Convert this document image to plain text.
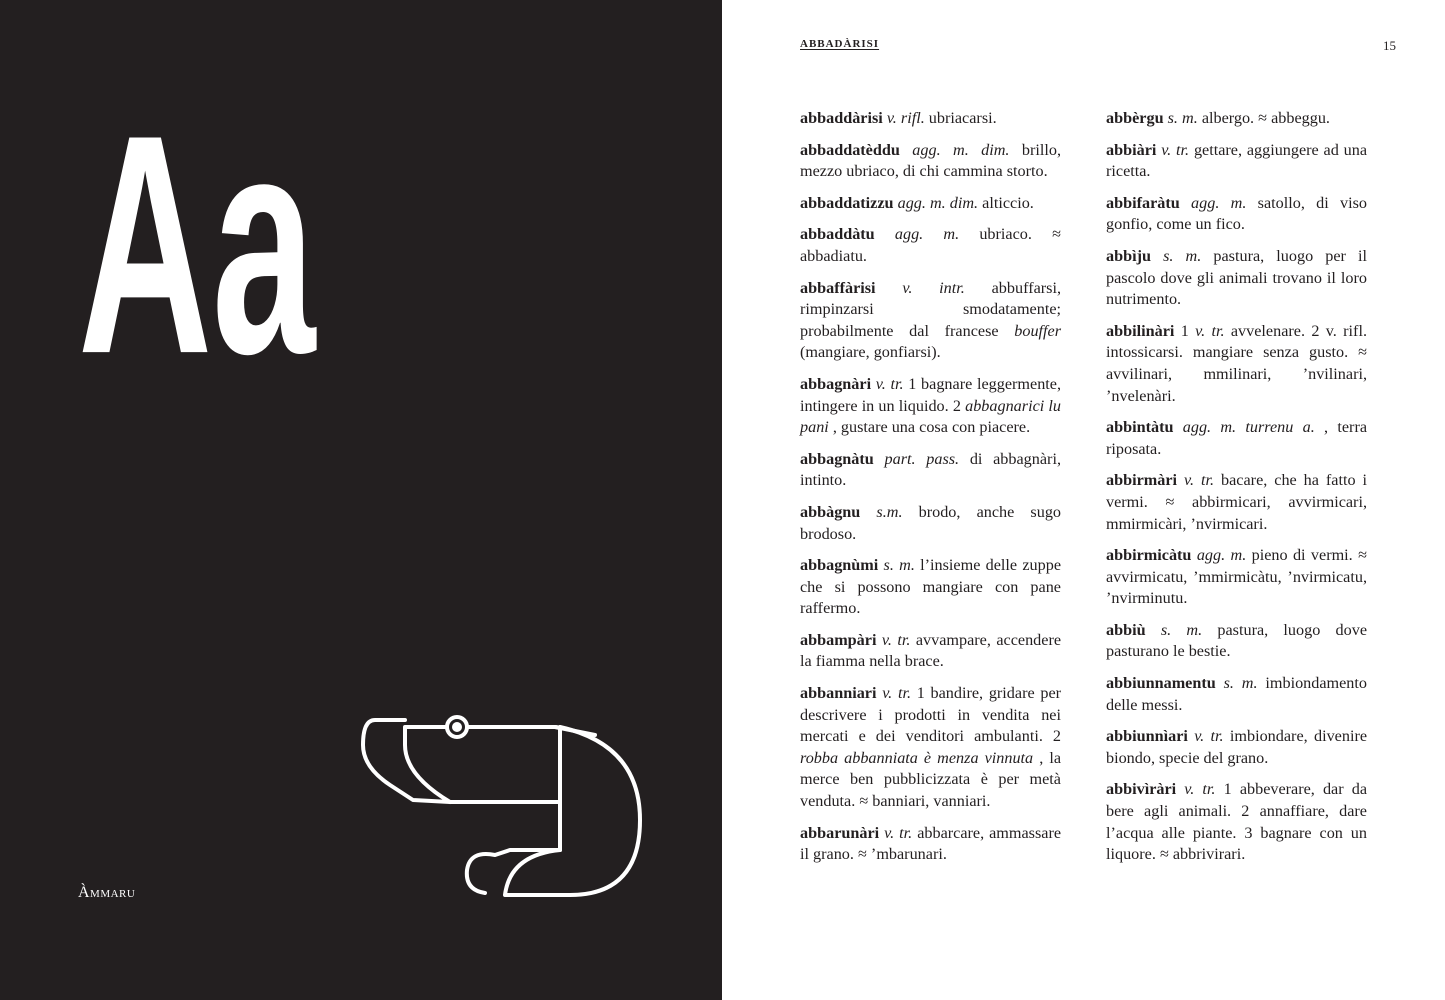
A a
Àmmaru
ABBADÀRISI	15

abbaddàrisi v. rifl. ubriacarsi.

abbaddatèddu agg. m. dim. brillo, mezzo ubriaco, di chi cammina storto.

abbaddatizzu agg. m. dim. alticcio.

abbaddàtu agg. m. ubriaco. ≈ abbadiatu.

abbaffàrisi v. intr. abbuffarsi, rimpinzarsi smodatamente; probabilmente dal francese bouffer (mangiare, gonfiarsi).

abbagnàri v. tr. 1 bagnare leggermente, intingere in un liquido. 2 abbagnarici lu pani , gustare una cosa con piacere.

abbagnàtu part. pass. di abbagnàri, intinto.

abbàgnu s.m. brodo, anche sugo brodoso.

abbagnùmi s. m. l’insieme delle zuppe che si possono mangiare con pane raffermo.

abbampàri v. tr. avvampare, accendere la fiamma nella brace.

abbanniari v. tr. 1 bandire, gridare per descrivere i prodotti in vendita nei mercati e dei venditori ambulanti. 2 robba abbanniata è menza vinnuta , la merce ben pubblicizzata è per metà venduta. ≈ banniari, vanniari.

abbarunàri v. tr. abbarcare, ammassare il grano. ≈ ’mbarunari.

abbèrgu s. m. albergo. ≈ abbeggu.

abbiàri v. tr. gettare, aggiungere ad una ricetta.

abbifaràtu agg. m. satollo, di viso gonfio, come un fico.

abbìju s. m. pastura, luogo per il pascolo dove gli animali trovano il loro nutrimento.

abbilinàri 1 v. tr. avvelenare. 2 v. rifl. intossicarsi. mangiare senza gusto. ≈ avvilinari, mmilinari, ’nvilinari, ’nvelenàri.

abbintàtu agg. m. turrenu a. , terra riposata.

abbirmàri v. tr. bacare, che ha fatto i vermi. ≈ abbirmicari, avvirmicari, mmirmicàri, ’nvirmicari.

abbirmicàtu agg. m. pieno di vermi. ≈ avvirmicatu, ’mmirmicàtu, ’nvirmicatu, ’nvirminutu.

abbiù s. m. pastura, luogo dove pasturano le bestie.

abbiunnamentu s. m. imbiondamento delle messi.

abbiunnìari v. tr. imbiondare, divenire biondo, specie del grano.

abbivìràri v. tr. 1 abbeverare, dar da bere agli animali. 2 annaffiare, dare l’acqua alle piante. 3 bagnare con un liquore. ≈ abbrivirari.
